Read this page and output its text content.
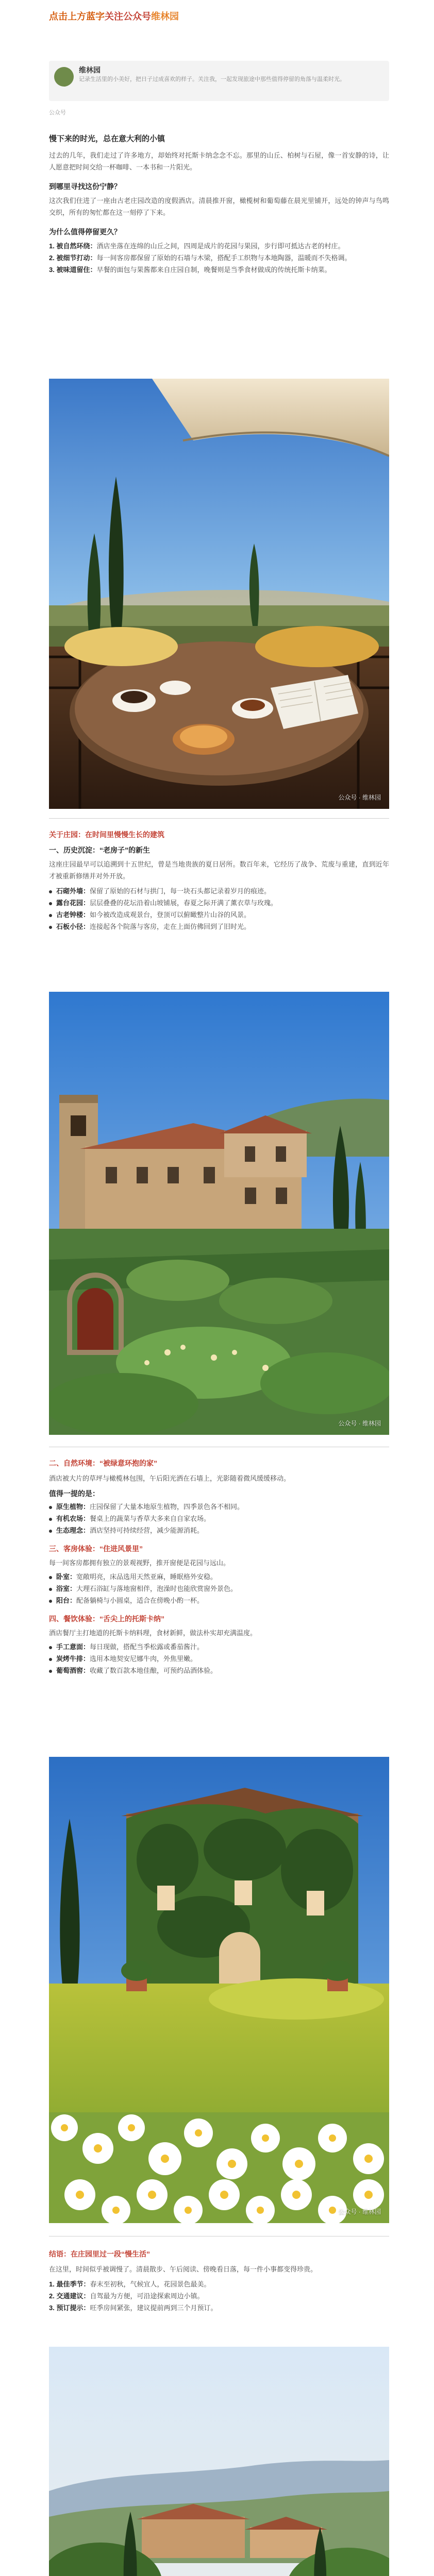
点击上方蓝字关注公众号维林园
维林园
记录生活里的小美好，把日子过成喜欢的样子。关注我，一起发现旅途中那些值得停留的角落与温柔时光。
公众号
慢下来的时光，总在意大利的小镇

过去的几年，我们走过了许多地方，却始终对托斯卡纳念念不忘。那里的山丘、柏树与石屋，像一首安静的诗，让人愿意把时间交给一杯咖啡、一本书和一片阳光。

到哪里寻找这份宁静？

这次我们住进了一座由古老庄园改造的度假酒店。清晨推开窗，橄榄树和葡萄藤在晨光里铺开，远处的钟声与鸟鸣交织，所有的匆忙都在这一刻停了下来。

为什么值得停留更久？
1. 被自然环绕：酒店坐落在连绵的山丘之间，四周是成片的花园与果园，步行即可抵达古老的村庄。
2. 被细节打动：每一间客房都保留了原始的石墙与木梁，搭配手工织物与本地陶器，温暖而不失格调。
3. 被味道留住：早餐的面包与果酱都来自庄园自制，晚餐则是当季食材做成的传统托斯卡纳菜。
公众号 · 维林园
关于庄园：在时间里慢慢生长的建筑
一、历史沉淀：“老房子”的新生

这座庄园最早可以追溯到十五世纪，曾是当地贵族的夏日居所。数百年来，它经历了战争、荒废与重建，直到近年才被重新修缮并对外开放。

石砌外墙：保留了原始的石材与拱门，每一块石头都记录着岁月的痕迹。
露台花园：层层叠叠的花坛沿着山坡铺展，春夏之际开满了薰衣草与玫瑰。
古老钟楼：如今被改造成观景台，登顶可以俯瞰整片山谷的风景。
石板小径：连接起各个院落与客房，走在上面仿佛回到了旧时光。
公众号 · 维林园
二、自然环境：“被绿意环抱的家”

酒店被大片的草坪与橄榄林包围，午后阳光洒在石墙上，光影随着微风缓缓移动。

值得一提的是：
原生植物：庄园保留了大量本地原生植物，四季景色各不相同。
有机农场：餐桌上的蔬菜与香草大多来自自家农场。
生态理念：酒店坚持可持续经营，减少能源消耗。
三、客房体验：“住进风景里”

每一间客房都拥有独立的景观视野，推开窗便是花园与远山。

卧室：宽敞明亮，床品选用天然亚麻，睡眠格外安稳。
浴室：大理石浴缸与落地窗相伴，泡澡时也能欣赏窗外景色。
阳台：配备躺椅与小圆桌，适合在傍晚小酌一杯。
四、餐饮体验：“舌尖上的托斯卡纳”

酒店餐厅主打地道的托斯卡纳料理，食材新鲜，做法朴实却充满温度。

手工意面：每日现做，搭配当季松露或番茄酱汁。
炭烤牛排：选用本地契安尼娜牛肉，外焦里嫩。
葡萄酒窖：收藏了数百款本地佳酿，可预约品酒体验。
公众号 · 维林园
结语：在庄园里过一段“慢生活”

在这里，时间似乎被调慢了。清晨散步、午后阅读、傍晚看日落，每一件小事都变得珍贵。

1. 最佳季节：春末至初秋，气候宜人，花园景色最美。
2. 交通建议：自驾最为方便，可沿途探索周边小镇。
3. 预订提示：旺季房间紧张，建议提前两到三个月预订。
